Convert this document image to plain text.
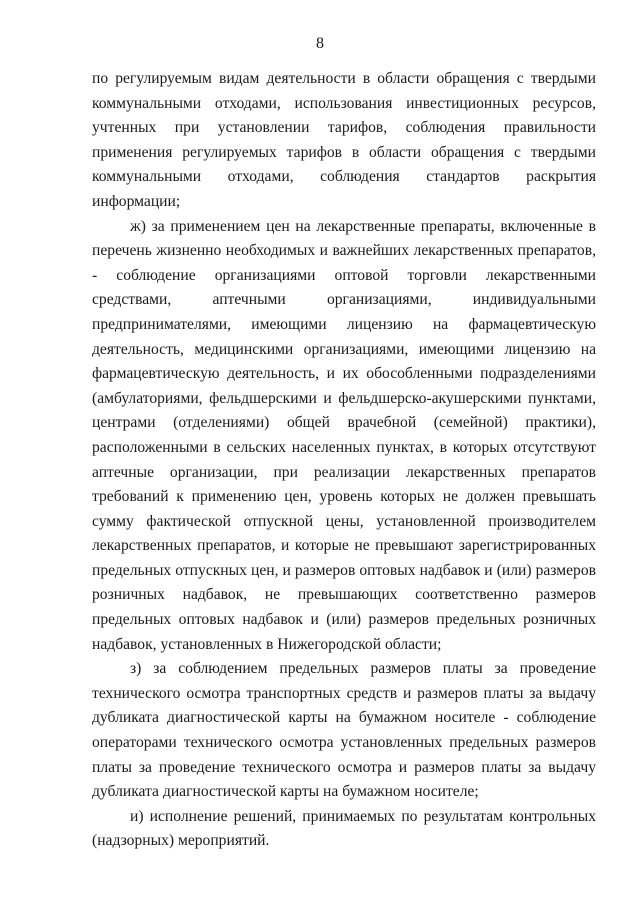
8

по регулируемым видам деятельности в области обращения с твердыми коммунальными отходами, использования инвестиционных ресурсов, учтенных при установлении тарифов, соблюдения правильности применения регулируемых тарифов в области обращения с твердыми коммунальными отходами, соблюдения стандартов раскрытия информации;

ж) за применением цен на лекарственные препараты, включенные в перечень жизненно необходимых и важнейших лекарственных препаратов, - соблюдение организациями оптовой торговли лекарственными средствами, аптечными организациями, индивидуальными предпринимателями, имеющими лицензию на фармацевтическую деятельность, медицинскими организациями, имеющими лицензию на фармацевтическую деятельность, и их обособленными подразделениями (амбулаториями, фельдшерскими и фельдшерско-акушерскими пунктами, центрами (отделениями) общей врачебной (семейной) практики), расположенными в сельских населенных пунктах, в которых отсутствуют аптечные организации, при реализации лекарственных препаратов требований к применению цен, уровень которых не должен превышать сумму фактической отпускной цены, установленной производителем лекарственных препаратов, и которые не превышают зарегистрированных предельных отпускных цен, и размеров оптовых надбавок и (или) размеров розничных надбавок, не превышающих соответственно размеров предельных оптовых надбавок и (или) размеров предельных розничных надбавок, установленных в Нижегородской области;

з) за соблюдением предельных размеров платы за проведение технического осмотра транспортных средств и размеров платы за выдачу дубликата диагностической карты на бумажном носителе - соблюдение операторами технического осмотра установленных предельных размеров платы за проведение технического осмотра и размеров платы за выдачу дубликата диагностической карты на бумажном носителе;

и) исполнение решений, принимаемых по результатам контрольных (надзорных) мероприятий.
